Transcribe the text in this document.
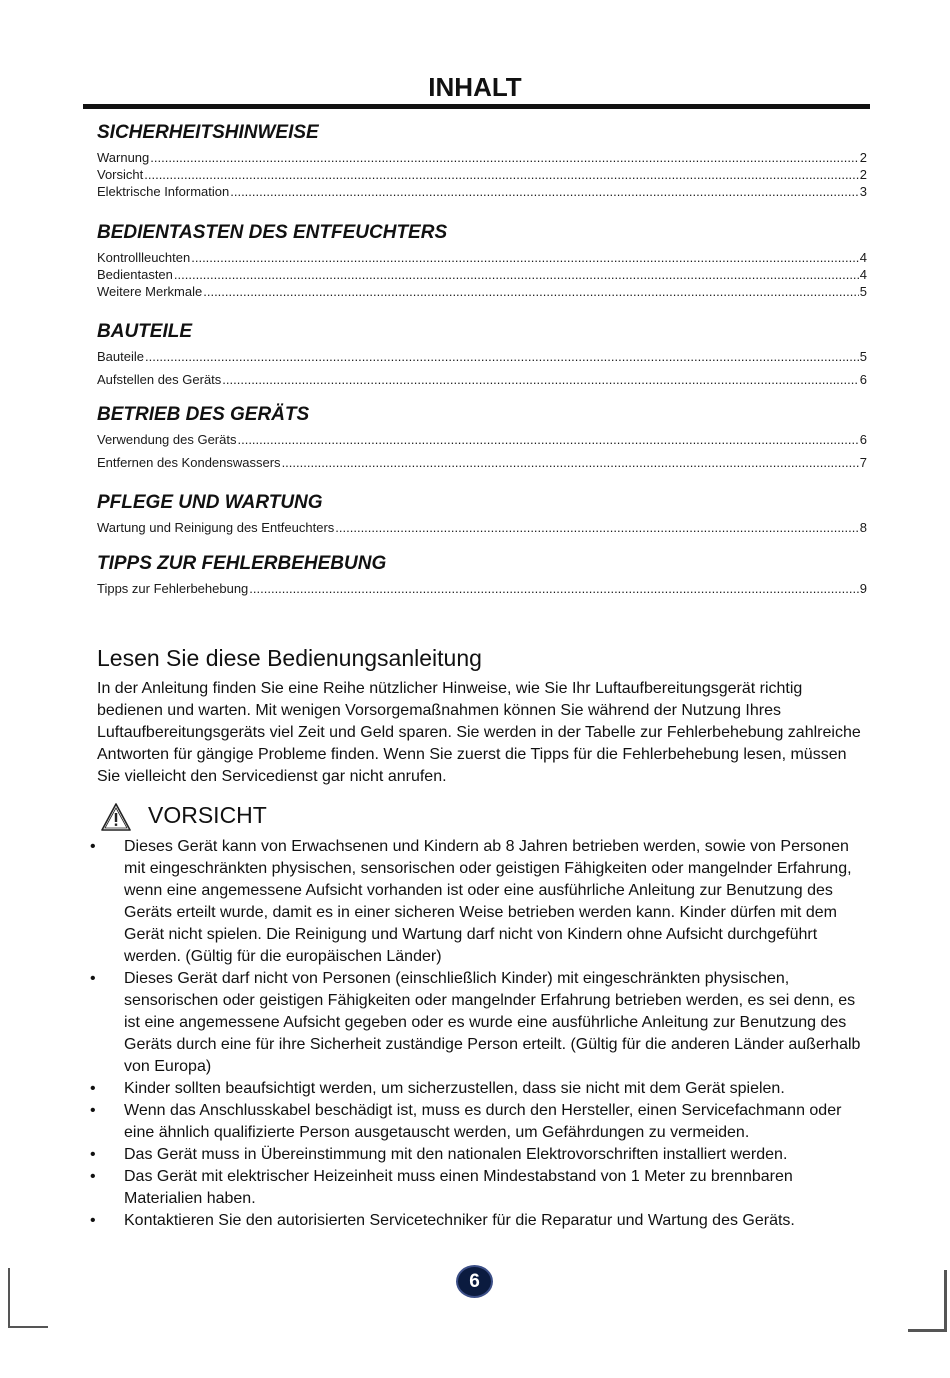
INHALT
SICHERHEITSHINWEISE
Warnung .....	2
Vorsicht .....	2
Elektrische Information .....	3
BEDIENTASTEN DES ENTFEUCHTERS
Kontrollleuchten .....	4
Bedientasten .....	4
Weitere Merkmale .....	5
BAUTEILE
Bauteile .....	5
Aufstellen des Geräts .....	6
BETRIEB DES GERÄTS
Verwendung des Geräts .....	6
Entfernen des Kondenswassers .....	7
PFLEGE UND WARTUNG
Wartung und Reinigung des Entfeuchters .....	8
TIPPS ZUR FEHLERBEHEBUNG
Tipps zur Fehlerbehebung .....	9
Lesen Sie diese Bedienungsanleitung
In der Anleitung finden Sie eine Reihe nützlicher Hinweise, wie Sie Ihr Luftaufbereitungsgerät richtig bedienen und warten. Mit wenigen Vorsorgemaßnahmen können Sie während der Nutzung Ihres Luftaufbereitungsgeräts viel Zeit und Geld sparen. Sie werden in der Tabelle zur Fehlerbehebung zahlreiche Antworten für gängige Probleme finden. Wenn Sie zuerst die Tipps für die Fehlerbehebung lesen, müssen Sie vielleicht den Servicedienst gar nicht anrufen.
VORSICHT
• Dieses Gerät kann von Erwachsenen und Kindern ab 8 Jahren betrieben werden, sowie von Personen mit eingeschränkten physischen, sensorischen oder geistigen Fähigkeiten oder mangelnder Erfahrung, wenn eine angemessene Aufsicht vorhanden ist oder eine ausführliche Anleitung zur Benutzung des Geräts erteilt wurde, damit es in einer sicheren Weise betrieben werden kann. Kinder dürfen mit dem Gerät nicht spielen. Die Reinigung und Wartung darf nicht von Kindern ohne Aufsicht durchgeführt werden. (Gültig für die europäischen Länder)
• Dieses Gerät darf nicht von Personen (einschließlich Kinder) mit eingeschränkten physischen, sensorischen oder geistigen Fähigkeiten oder mangelnder Erfahrung betrieben werden, es sei denn, es ist eine angemessene Aufsicht gegeben oder es wurde eine ausführliche Anleitung zur Benutzung des Geräts durch eine für ihre Sicherheit zuständige Person erteilt. (Gültig für die anderen Länder außerhalb von Europa)
• Kinder sollten beaufsichtigt werden, um sicherzustellen, dass sie nicht mit dem Gerät spielen.
• Wenn das Anschlusskabel beschädigt ist, muss es durch den Hersteller, einen Servicefachmann oder eine ähnlich qualifizierte Person ausgetauscht werden, um Gefährdungen zu vermeiden.
• Das Gerät muss in Übereinstimmung mit den nationalen Elektrovorschriften installiert werden.
• Das Gerät mit elektrischer Heizeinheit muss einen Mindestabstand von 1 Meter zu brennbaren Materialien haben.
• Kontaktieren Sie den autorisierten Servicetechniker für die Reparatur und Wartung des Geräts.
6
